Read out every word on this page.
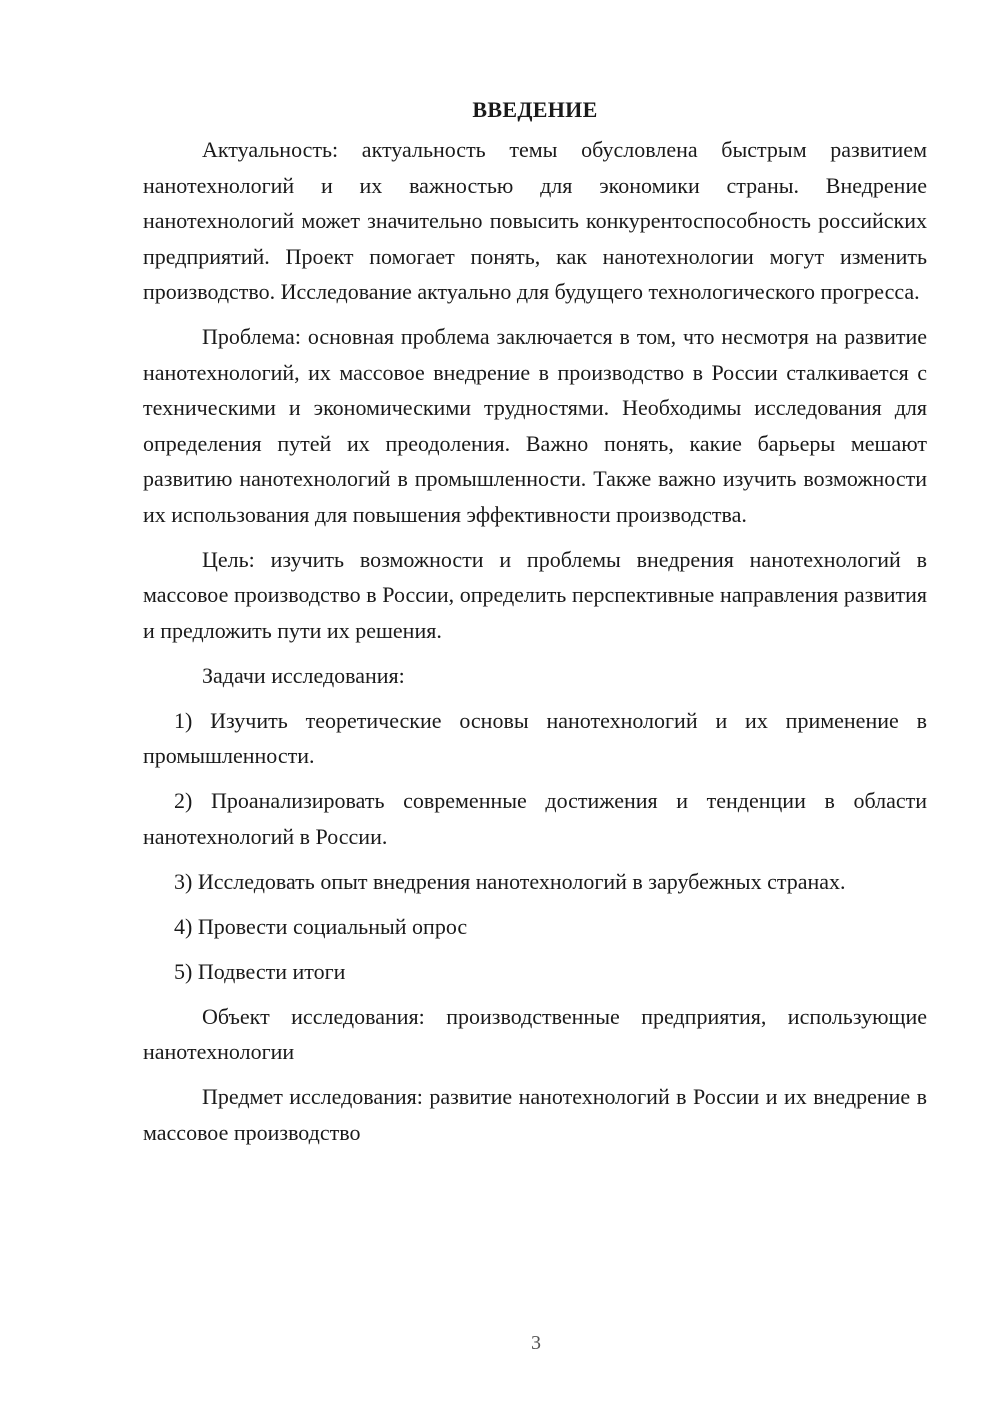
ВВЕДЕНИЕ

Актуальность: актуальность темы обусловлена быстрым развитием нанотехнологий и их важностью для экономики страны. Внедрение нанотехнологий может значительно повысить конкурентоспособность российских предприятий. Проект помогает понять, как нанотехнологии могут изменить производство. Исследование актуально для будущего технологического прогресса.

Проблема: основная проблема заключается в том, что несмотря на развитие нанотехнологий, их массовое внедрение в производство в России сталкивается с техническими и экономическими трудностями. Необходимы исследования для определения путей их преодоления. Важно понять, какие барьеры мешают развитию нанотехнологий в промышленности. Также важно изучить возможности их использования для повышения эффективности производства.

Цель: изучить возможности и проблемы внедрения нанотехнологий в массовое производство в России, определить перспективные направления развития и предложить пути их решения.

Задачи исследования:

1) Изучить теоретические основы нанотехнологий и их применение в промышленности.

2) Проанализировать современные достижения и тенденции в области нанотехнологий в России.

3) Исследовать опыт внедрения нанотехнологий в зарубежных странах.

4) Провести социальный опрос

5) Подвести итоги

Объект исследования: производственные предприятия, использующие нанотехнологии

Предмет исследования: развитие нанотехнологий в России и их внедрение в массовое производство

3
